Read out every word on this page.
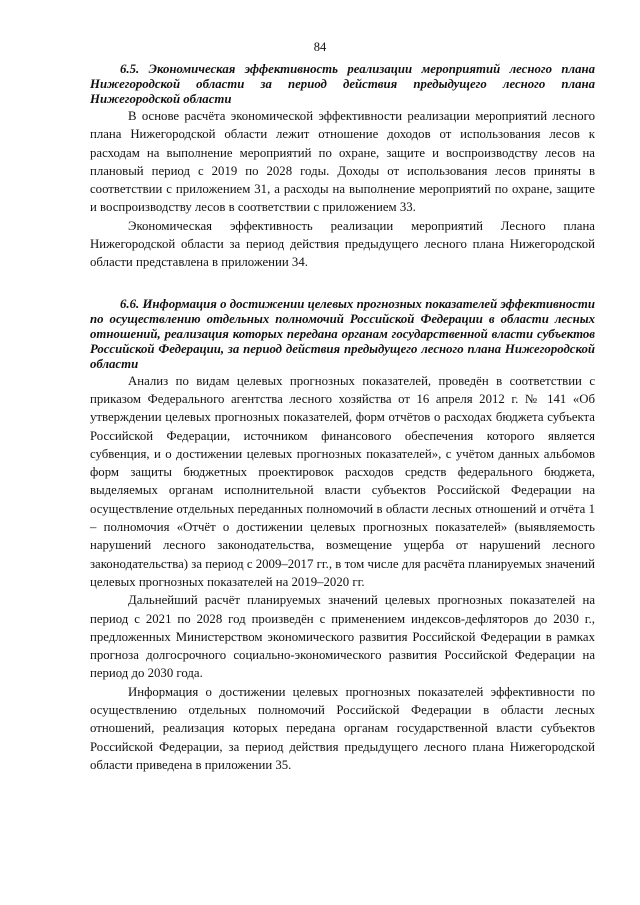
84

6.5. Экономическая эффективность реализации мероприятий лесного плана Нижегородской области за период действия предыдущего лесного плана Нижегородской области

В основе расчёта экономической эффективности реализации мероприятий лесного плана Нижегородской области лежит отношение доходов от использования лесов к расходам на выполнение мероприятий по охране, защите и воспроизводству лесов на плановый период с 2019 по 2028 годы. Доходы от использования лесов приняты в соответствии с приложением 31, а расходы на выполнение мероприятий по охране, защите и воспроизводству лесов в соответствии с приложением 33.

Экономическая эффективность реализации мероприятий Лесного плана Нижегородской области за период действия предыдущего лесного плана Нижегородской области представлена в приложении 34.

6.6. Информация о достижении целевых прогнозных показателей эффективности по осуществлению отдельных полномочий Российской Федерации в области лесных отношений, реализация которых передана органам государственной власти субъектов Российской Федерации, за период действия предыдущего лесного плана Нижегородской области

Анализ по видам целевых прогнозных показателей, проведён в соответствии с приказом Федерального агентства лесного хозяйства от 16 апреля 2012 г. № 141 «Об утверждении целевых прогнозных показателей, форм отчётов о расходах бюджета субъекта Российской Федерации, источником финансового обеспечения которого является субвенция, и о достижении целевых прогнозных показателей», с учётом данных альбомов форм защиты бюджетных проектировок расходов средств федерального бюджета, выделяемых органам исполнительной власти субъектов Российской Федерации на осуществление отдельных переданных полномочий в области лесных отношений и отчёта 1 – полномочия «Отчёт о достижении целевых прогнозных показателей» (выявляемость нарушений лесного законодательства, возмещение ущерба от нарушений лесного законодательства) за период с 2009–2017 гг., в том числе для расчёта планируемых значений целевых прогнозных показателей на 2019–2020 гг.

Дальнейший расчёт планируемых значений целевых прогнозных показателей на период с 2021 по 2028 год произведён с применением индексов-дефляторов до 2030 г., предложенных Министерством экономического развития Российской Федерации в рамках прогноза долгосрочного социально-экономического развития Российской Федерации на период до 2030 года.

Информация о достижении целевых прогнозных показателей эффективности по осуществлению отдельных полномочий Российской Федерации в области лесных отношений, реализация которых передана органам государственной власти субъектов Российской Федерации, за период действия предыдущего лесного плана Нижегородской области приведена в приложении 35.
